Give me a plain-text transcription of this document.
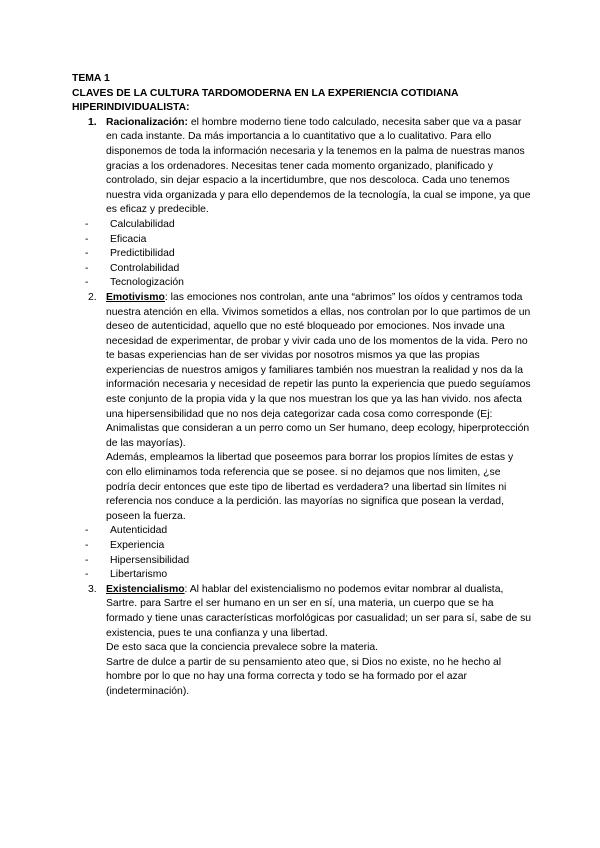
TEMA 1
CLAVES DE LA CULTURA TARDOMODERNA EN LA EXPERIENCIA COTIDIANA HIPERINDIVIDUALISTA:
1. Racionalización: el hombre moderno tiene todo calculado, necesita saber que va a pasar en cada instante. Da más importancia a lo cuantitativo que a lo cualitativo. Para ello disponemos de toda la información necesaria y la tenemos en la palma de nuestras manos gracias a los ordenadores. Necesitas tener cada momento organizado, planificado y controlado, sin dejar espacio a la incertidumbre, que nos descoloca. Cada uno tenemos nuestra vida organizada y para ello dependemos de la tecnología, la cual se impone, ya que es eficaz y predecible.
- Calculabilidad
- Eficacia
- Predictibilidad
- Controlabilidad
- Tecnologización
2. Emotivismo: las emociones nos controlan, ante una “abrimos” los oídos y centramos toda nuestra atención en ella. Vivimos sometidos a ellas, nos controlan por lo que partimos de un deseo de autenticidad, aquello que no esté bloqueado por emociones. Nos invade una necesidad de experimentar, de probar y vivir cada uno de los momentos de la vida. Pero no te basas experiencias han de ser vividas por nosotros mismos ya que las propias experiencias de nuestros amigos y familiares también nos muestran la realidad y nos da la información necesaria y necesidad de repetir las punto la experiencia que puedo seguíamos este conjunto de la propia vida y la que nos muestran los que ya las han vivido. nos afecta una hipersensibilidad que no nos deja categorizar cada cosa como corresponde (Ej: Animalistas que consideran a un perro como un Ser humano, deep ecology, hiperprotección de las mayorías).
Además, empleamos la libertad que poseemos para borrar los propios límites de estas y con ello eliminamos toda referencia que se posee. si no dejamos que nos limiten, ¿se podría decir entonces que este tipo de libertad es verdadera? una libertad sin límites ni referencia nos conduce a la perdición. las mayorías no significa que posean la verdad, poseen la fuerza.
- Autenticidad
- Experiencia
- Hipersensibilidad
- Libertarismo
3. Existencialismo: Al hablar del existencialismo no podemos evitar nombrar al dualista, Sartre. para Sartre el ser humano en un ser en sí, una materia, un cuerpo que se ha formado y tiene unas características morfológicas por casualidad; un ser para sí, sabe de su existencia, pues te una confianza y una libertad.
De esto saca que la conciencia prevalece sobre la materia.
Sartre de dulce a partir de su pensamiento ateo que, si Dios no existe, no he hecho al hombre por lo que no hay una forma correcta y todo se ha formado por el azar (indeterminación).
